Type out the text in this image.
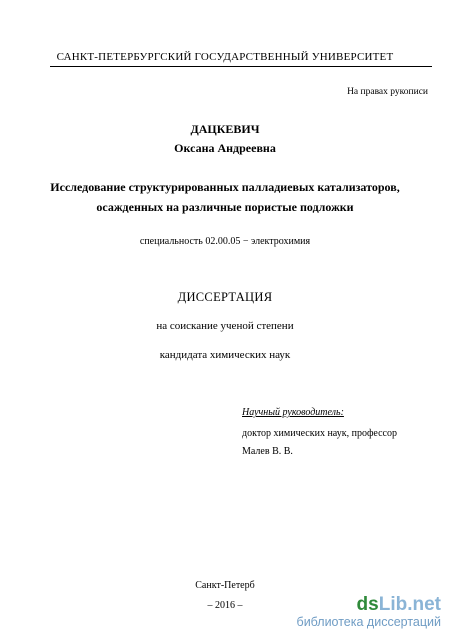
САНКТ-ПЕТЕРБУРГСКИЙ ГОСУДАРСТВЕННЫЙ УНИВЕРСИТЕТ
На правах рукописи
ДАЦКЕВИЧ
Оксана Андреевна
Исследование структурированных палладиевых катализаторов,
осажденных на различные пористые подложки
специальность 02.00.05 − электрохимия
ДИССЕРТАЦИЯ
на соискание ученой степени
кандидата химических наук
Научный руководитель:
доктор химических наук, профессор
Малев В. В.
Санкт-Петерб
– 2016 –	dsLib.net
библиотека диссертаций
